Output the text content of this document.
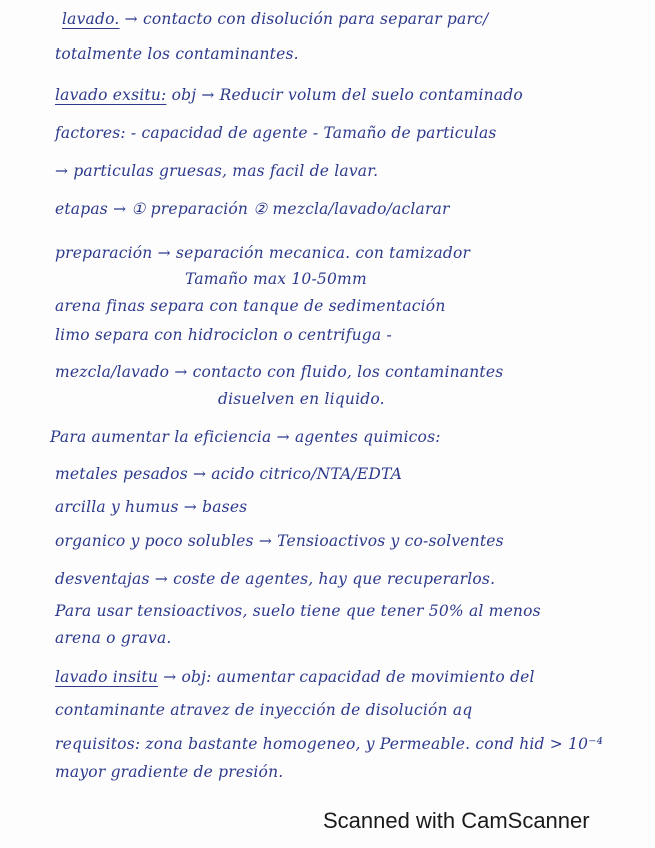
lavado. → contacto con disolución para separar parc/
totalmente los contaminantes.
lavado exsitu: obj → Reducir volum del suelo contaminado
factores: - capacidad de agente - Tamaño de particulas
→ particulas gruesas, mas facil de lavar.
etapas → ① preparación ② mezcla/lavado/aclarar
preparación → separación mecanica. con tamizador
Tamaño max 10-50mm
arena finas separa con tanque de sedimentación
limo separa con hidrociclon o centrifuga -
mezcla/lavado → contacto con fluido, los contaminantes
disuelven en liquido.
Para aumentar la eficiencia → agentes quimicos:
metales pesados → acido citrico/NTA/EDTA
arcilla y humus → bases
organico y poco solubles → Tensioactivos y co-solventes
desventajas → coste de agentes, hay que recuperarlos.
Para usar tensioactivos, suelo tiene que tener 50% al menos
arena o grava.
lavado insitu → obj: aumentar capacidad de movimiento del
contaminante atravez de inyección de disolución aq
requisitos: zona bastante homogeneo, y Permeable. cond hid > 10⁻⁴
mayor gradiente de presión.
Scanned with CamScanner
